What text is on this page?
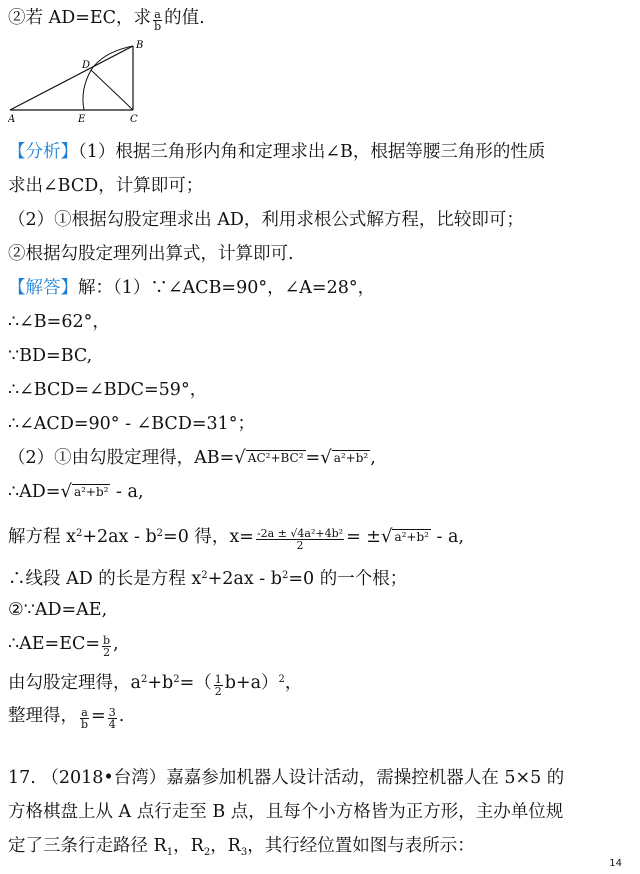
②若 AD=EC，求 $\frac{a}{b}$ 的值.
B
D
A	E	C
【分析】（1）根据三角形内角和定理求出∠B，根据等腰三角形的性质
求出∠BCD，计算即可；
（2）①根据勾股定理求出 AD，利用求根公式解方程，比较即可；
②根据勾股定理列出算式，计算即可.
【解答】解：（1）∵∠ACB=90°，∠A=28°，
∴∠B=62°，
∵BD=BC,
∴∠BCD=∠BDC=59°，
∴∠ACD=90° - ∠BCD=31°；
（2）①由勾股定理得，AB=√ AC²+BC² =√ a²+b² ,
∴AD=√ a²+b² - a,
解方程 $x^2+2ax - b^2=0$ 得，$x= \frac{\text{-2a ± √4a²+4b²}}{2}$ = ±√ a²+b² - a,
∴线段 AD 的长是方程 $x^2+2ax - b^2=0$ 的一个根；
②∵AD=AE,
∴AE=EC= $\frac{b}{2}$ ,
由勾股定理得，$a^2+b^2=( \frac{1}{2} b+a)^2$，
整理得， $\frac{a}{b} = \frac{3}{4}$ .
17. （2018•台湾）嘉嘉参加机器人设计活动，需操控机器人在 5×5 的
方格棋盘上从 A 点行走至 B 点，且每个小方格皆为正方形，主办单位规
定了三条行走路径 $R_1$，$R_2$，$R_3$，其行经位置如图与表所示：
14
